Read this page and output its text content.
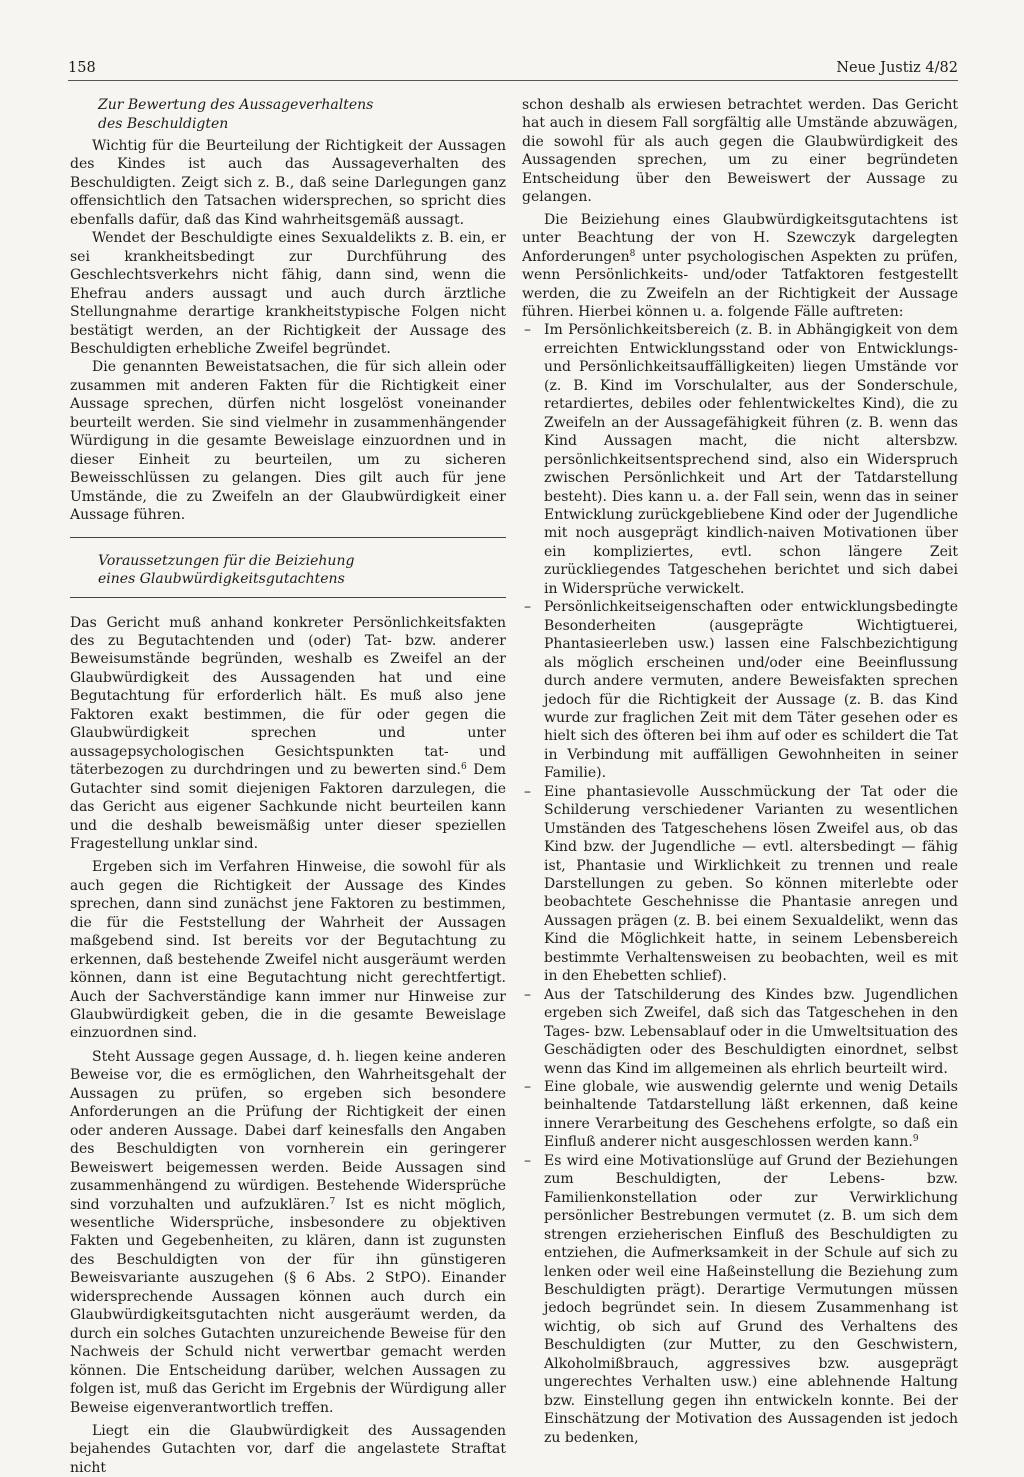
158	Neue Justiz 4/82
Zur Bewertung des Aussageverhaltens
des Beschuldigten

Wichtig für die Beurteilung der Richtigkeit der Aussagen des Kindes ist auch das Aussageverhalten des Beschuldigten. Zeigt sich z. B., daß seine Darlegungen ganz offensichtlich den Tatsachen widersprechen, so spricht dies ebenfalls dafür, daß das Kind wahrheitsgemäß aussagt.

Wendet der Beschuldigte eines Sexualdelikts z. B. ein, er sei krankheitsbedingt zur Durchführung des Geschlechtsverkehrs nicht fähig, dann sind, wenn die Ehefrau anders aussagt und auch durch ärztliche Stellungnahme derartige krankheitstypische Folgen nicht bestätigt werden, an der Richtigkeit der Aussage des Beschuldigten erhebliche Zweifel begründet.

Die genannten Beweistatsachen, die für sich allein oder zusammen mit anderen Fakten für die Richtigkeit einer Aussage sprechen, dürfen nicht losgelöst voneinander beurteilt werden. Sie sind vielmehr in zusammenhängender Würdigung in die gesamte Beweislage einzuordnen und in dieser Einheit zu beurteilen, um zu sicheren Beweisschlüssen zu gelangen. Dies gilt auch für jene Umstände, die zu Zweifeln an der Glaubwürdigkeit einer Aussage führen.

Voraussetzungen für die Beiziehung
eines Glaubwürdigkeitsgutachtens

Das Gericht muß anhand konkreter Persönlichkeitsfakten des zu Begutachtenden und (oder) Tat- bzw. anderer Beweisumstände begründen, weshalb es Zweifel an der Glaubwürdigkeit des Aussagenden hat und eine Begutachtung für erforderlich hält. Es muß also jene Faktoren exakt bestimmen, die für oder gegen die Glaubwürdigkeit sprechen und unter aussagepsychologischen Gesichtspunkten tat- und täterbezogen zu durchdringen und zu bewerten sind.$^6$ Dem Gutachter sind somit diejenigen Faktoren darzulegen, die das Gericht aus eigener Sachkunde nicht beurteilen kann und die deshalb beweismäßig unter dieser speziellen Fragestellung unklar sind.

Ergeben sich im Verfahren Hinweise, die sowohl für als auch gegen die Richtigkeit der Aussage des Kindes sprechen, dann sind zunächst jene Faktoren zu bestimmen, die für die Feststellung der Wahrheit der Aussagen maßgebend sind. Ist bereits vor der Begutachtung zu erkennen, daß bestehende Zweifel nicht ausgeräumt werden können, dann ist eine Begutachtung nicht gerechtfertigt. Auch der Sachverständige kann immer nur Hinweise zur Glaubwürdigkeit geben, die in die gesamte Beweislage einzuordnen sind.

Steht Aussage gegen Aussage, d. h. liegen keine anderen Beweise vor, die es ermöglichen, den Wahrheitsgehalt der Aussagen zu prüfen, so ergeben sich besondere Anforderungen an die Prüfung der Richtigkeit der einen oder anderen Aussage. Dabei darf keinesfalls den Angaben des Beschuldigten von vornherein ein geringerer Beweiswert beigemessen werden. Beide Aussagen sind zusammenhängend zu würdigen. Bestehende Widersprüche sind vorzuhalten und aufzuklären.$^7$ Ist es nicht möglich, wesentliche Widersprüche, insbesondere zu objektiven Fakten und Gegebenheiten, zu klären, dann ist zugunsten des Beschuldigten von der für ihn günstigeren Beweisvariante auszugehen (§ 6 Abs. 2 StPO). Einander widersprechende Aussagen können auch durch ein Glaubwürdigkeitsgutachten nicht ausgeräumt werden, da durch ein solches Gutachten unzureichende Beweise für den Nachweis der Schuld nicht verwertbar gemacht werden können. Die Entscheidung darüber, welchen Aussagen zu folgen ist, muß das Gericht im Ergebnis der Würdigung aller Beweise eigenverantwortlich treffen.

Liegt ein die Glaubwürdigkeit des Aussagenden bejahendes Gutachten vor, darf die angelastete Straftat nicht

schon deshalb als erwiesen betrachtet werden. Das Gericht hat auch in diesem Fall sorgfältig alle Umstände abzuwägen, die sowohl für als auch gegen die Glaubwürdigkeit des Aussagenden sprechen, um zu einer begründeten Entscheidung über den Beweiswert der Aussage zu gelangen.

Die Beiziehung eines Glaubwürdigkeitsgutachtens ist unter Beachtung der von H. Szewczyk dargelegten Anforderungen$^8$ unter psychologischen Aspekten zu prüfen, wenn Persönlichkeits- und/oder Tatfaktoren festgestellt werden, die zu Zweifeln an der Richtigkeit der Aussage führen. Hierbei können u. a. folgende Fälle auftreten:

– Im Persönlichkeitsbereich (z. B. in Abhängigkeit von dem erreichten Entwicklungsstand oder von Entwicklungs- und Persönlichkeitsauffälligkeiten) liegen Umstände vor (z. B. Kind im Vorschulalter, aus der Sonderschule, retardiertes, debiles oder fehlentwickeltes Kind), die zu Zweifeln an der Aussagefähigkeit führen (z. B. wenn das Kind Aussagen macht, die nicht altersbzw. persönlichkeitsentsprechend sind, also ein Widerspruch zwischen Persönlichkeit und Art der Tatdarstellung besteht). Dies kann u. a. der Fall sein, wenn das in seiner Entwicklung zurückgebliebene Kind oder der Jugendliche mit noch ausgeprägt kindlich-naiven Motivationen über ein kompliziertes, evtl. schon längere Zeit zurückliegendes Tatgeschehen berichtet und sich dabei in Widersprüche verwickelt.
– Persönlichkeitseigenschaften oder entwicklungsbedingte Besonderheiten (ausgeprägte Wichtigtuerei, Phantasieerleben usw.) lassen eine Falschbezichtigung als möglich erscheinen und/oder eine Beeinflussung durch andere vermuten, andere Beweisfakten sprechen jedoch für die Richtigkeit der Aussage (z. B. das Kind wurde zur fraglichen Zeit mit dem Täter gesehen oder es hielt sich des öfteren bei ihm auf oder es schildert die Tat in Verbindung mit auffälligen Gewohnheiten in seiner Familie).
– Eine phantasievolle Ausschmückung der Tat oder die Schilderung verschiedener Varianten zu wesentlichen Umständen des Tatgeschehens lösen Zweifel aus, ob das Kind bzw. der Jugendliche — evtl. altersbedingt — fähig ist, Phantasie und Wirklichkeit zu trennen und reale Darstellungen zu geben. So können miterlebte oder beobachtete Geschehnisse die Phantasie anregen und Aussagen prägen (z. B. bei einem Sexualdelikt, wenn das Kind die Möglichkeit hatte, in seinem Lebensbereich bestimmte Verhaltensweisen zu beobachten, weil es mit in den Ehebetten schlief).
– Aus der Tatschilderung des Kindes bzw. Jugendlichen ergeben sich Zweifel, daß sich das Tatgeschehen in den Tages- bzw. Lebensablauf oder in die Umweltsituation des Geschädigten oder des Beschuldigten einordnet, selbst wenn das Kind im allgemeinen als ehrlich beurteilt wird.
– Eine globale, wie auswendig gelernte und wenig Details beinhaltende Tatdarstellung läßt erkennen, daß keine innere Verarbeitung des Geschehens erfolgte, so daß ein Einfluß anderer nicht ausgeschlossen werden kann.$^9$
– Es wird eine Motivationslüge auf Grund der Beziehungen zum Beschuldigten, der Lebens- bzw. Familienkonstellation oder zur Verwirklichung persönlicher Bestrebungen vermutet (z. B. um sich dem strengen erzieherischen Einfluß des Beschuldigten zu entziehen, die Aufmerksamkeit in der Schule auf sich zu lenken oder weil eine Haßeinstellung die Beziehung zum Beschuldigten prägt). Derartige Vermutungen müssen jedoch begründet sein. In diesem Zusammenhang ist wichtig, ob sich auf Grund des Verhaltens des Beschuldigten (zur Mutter, zu den Geschwistern, Alkoholmißbrauch, aggressives bzw. ausgeprägt ungerechtes Verhalten usw.) eine ablehnende Haltung bzw. Einstellung gegen ihn entwickeln konnte. Bei der Einschätzung der Motivation des Aussagenden ist jedoch zu bedenken,
